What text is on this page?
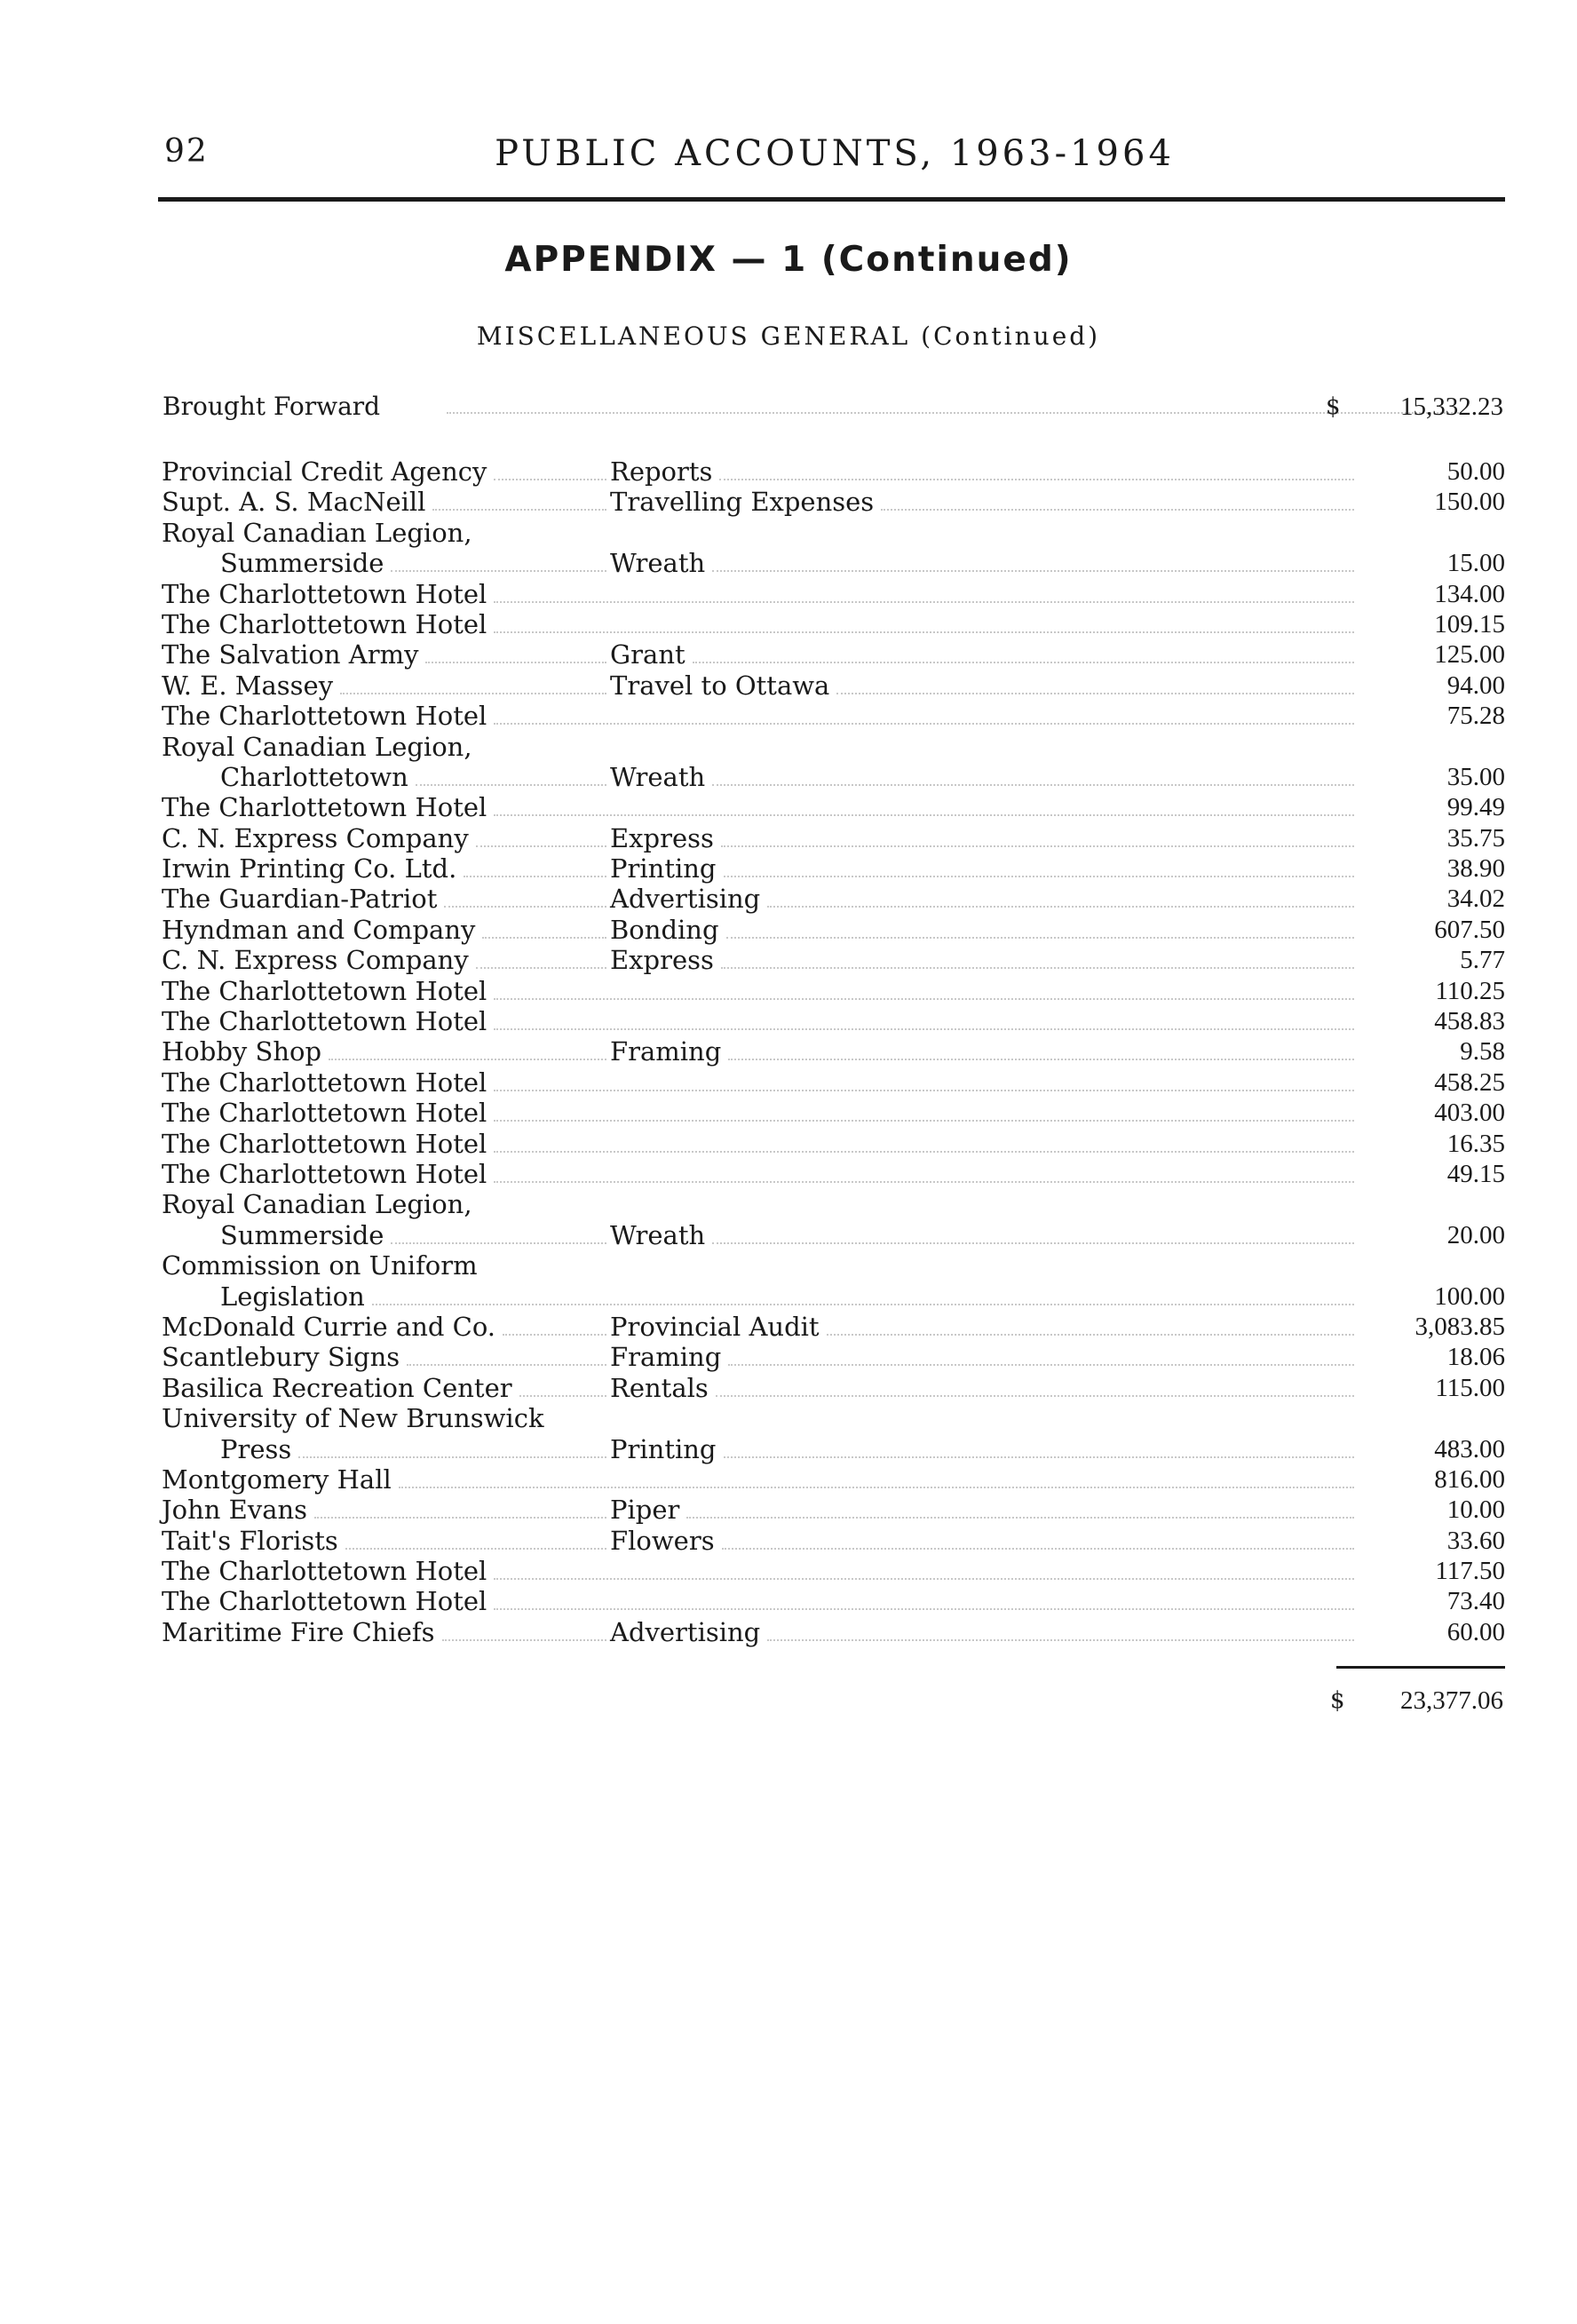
92	PUBLIC ACCOUNTS, 1963-1964
APPENDIX — 1 (Continued)
MISCELLANEOUS GENERAL (Continued)
Brought Forward	$ 15,332.23
Provincial Credit Agency	Reports	50.00
Supt. A. S. MacNeill	Travelling Expenses	150.00
Royal Canadian Legion,
Summerside	Wreath	15.00
The Charlottetown Hotel	134.00
The Charlottetown Hotel	109.15
The Salvation Army	Grant	125.00
W. E. Massey	Travel to Ottawa	94.00
The Charlottetown Hotel	75.28
Royal Canadian Legion,
Charlottetown	Wreath	35.00
The Charlottetown Hotel	99.49
C. N. Express Company	Express	35.75
Irwin Printing Co. Ltd.	Printing	38.90
The Guardian-Patriot	Advertising	34.02
Hyndman and Company	Bonding	607.50
C. N. Express Company	Express	5.77
The Charlottetown Hotel	110.25
The Charlottetown Hotel	458.83
Hobby Shop	Framing	9.58
The Charlottetown Hotel	458.25
The Charlottetown Hotel	403.00
The Charlottetown Hotel	16.35
The Charlottetown Hotel	49.15
Royal Canadian Legion,
Summerside	Wreath	20.00
Commission on Uniform
Legislation	100.00
McDonald Currie and Co.	Provincial Audit	3,083.85
Scantlebury Signs	Framing	18.06
Basilica Recreation Center	Rentals	115.00
University of New Brunswick
Press	Printing	483.00
Montgomery Hall	816.00
John Evans	Piper	10.00
Tait's Florists	Flowers	33.60
The Charlottetown Hotel	117.50
The Charlottetown Hotel	73.40
Maritime Fire Chiefs	Advertising	60.00
$ 23,377.06
